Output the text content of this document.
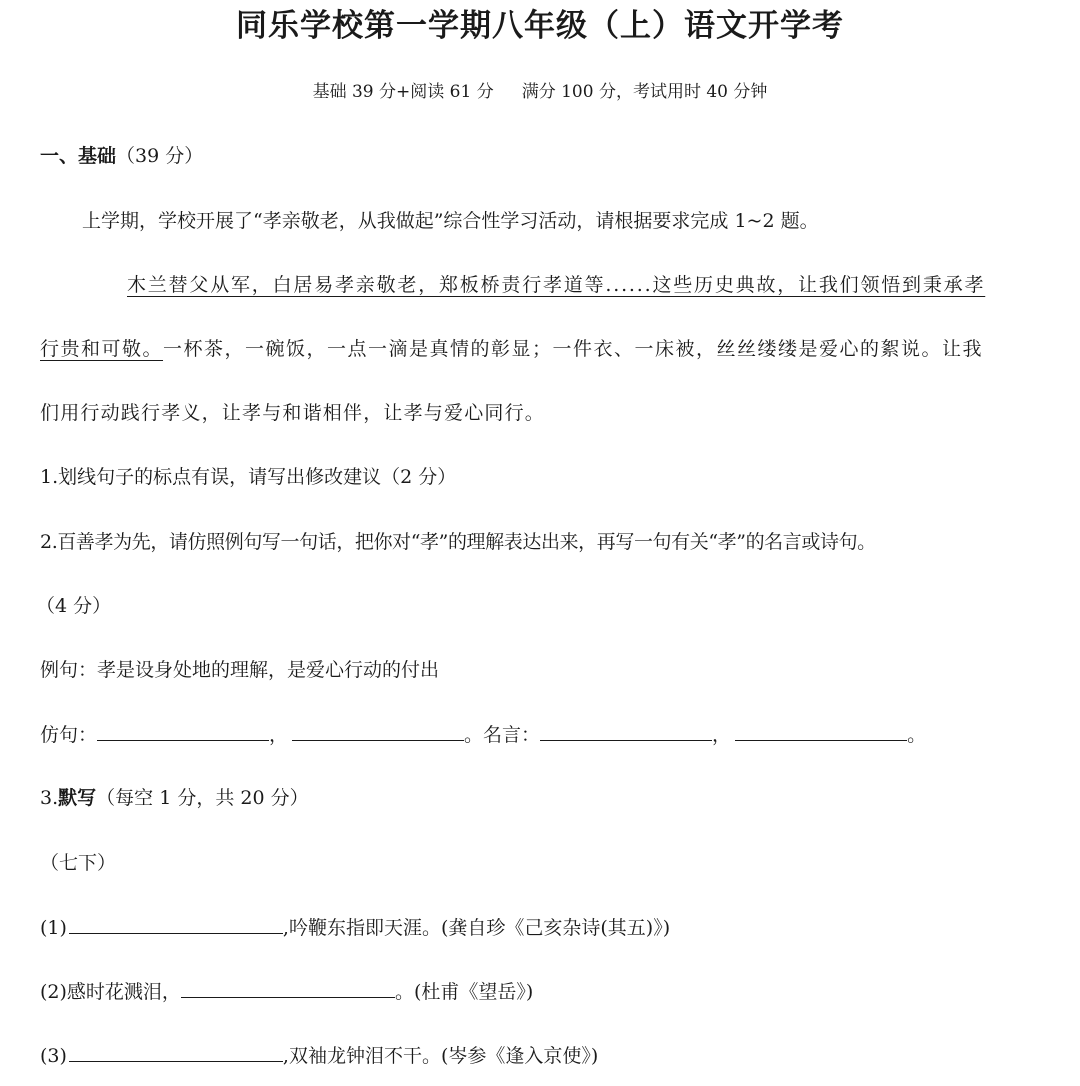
同乐学校第一学期八年级（上）语文开学考
基础 39 分+阅读 61 分 满分 100 分，考试用时 40 分钟
一、基础（39 分）
上学期，学校开展了“孝亲敬老，从我做起”综合性学习活动，请根据要求完成 1~2 题。
木兰替父从军，白居易孝亲敬老，郑板桥责行孝道等......这些历史典故，让我们领悟到秉承孝
行贵和可敬。一杯茶，一碗饭，一点一滴是真情的彰显；一件衣、一床被，丝丝缕缕是爱心的絮说。让我
们用行动践行孝义，让孝与和谐相伴，让孝与爱心同行。
1.划线句子的标点有误，请写出修改建议（2 分）
2.百善孝为先，请仿照例句写一句话，把你对“孝”的理解表达出来，再写一句有关“孝”的名言或诗句。
（4 分）
例句：孝是设身处地的理解，是爱心行动的付出
仿句：	，	。名言：	，	。
3.默写（每空 1 分，共 20 分）
（七下）
(1)	,吟鞭东指即天涯。(龚自珍《己亥杂诗(其五)》)
(2)感时花溅泪，	。(杜甫《望岳》)
(3)	,双袖龙钟泪不干。(岑参《逢入京使》)
